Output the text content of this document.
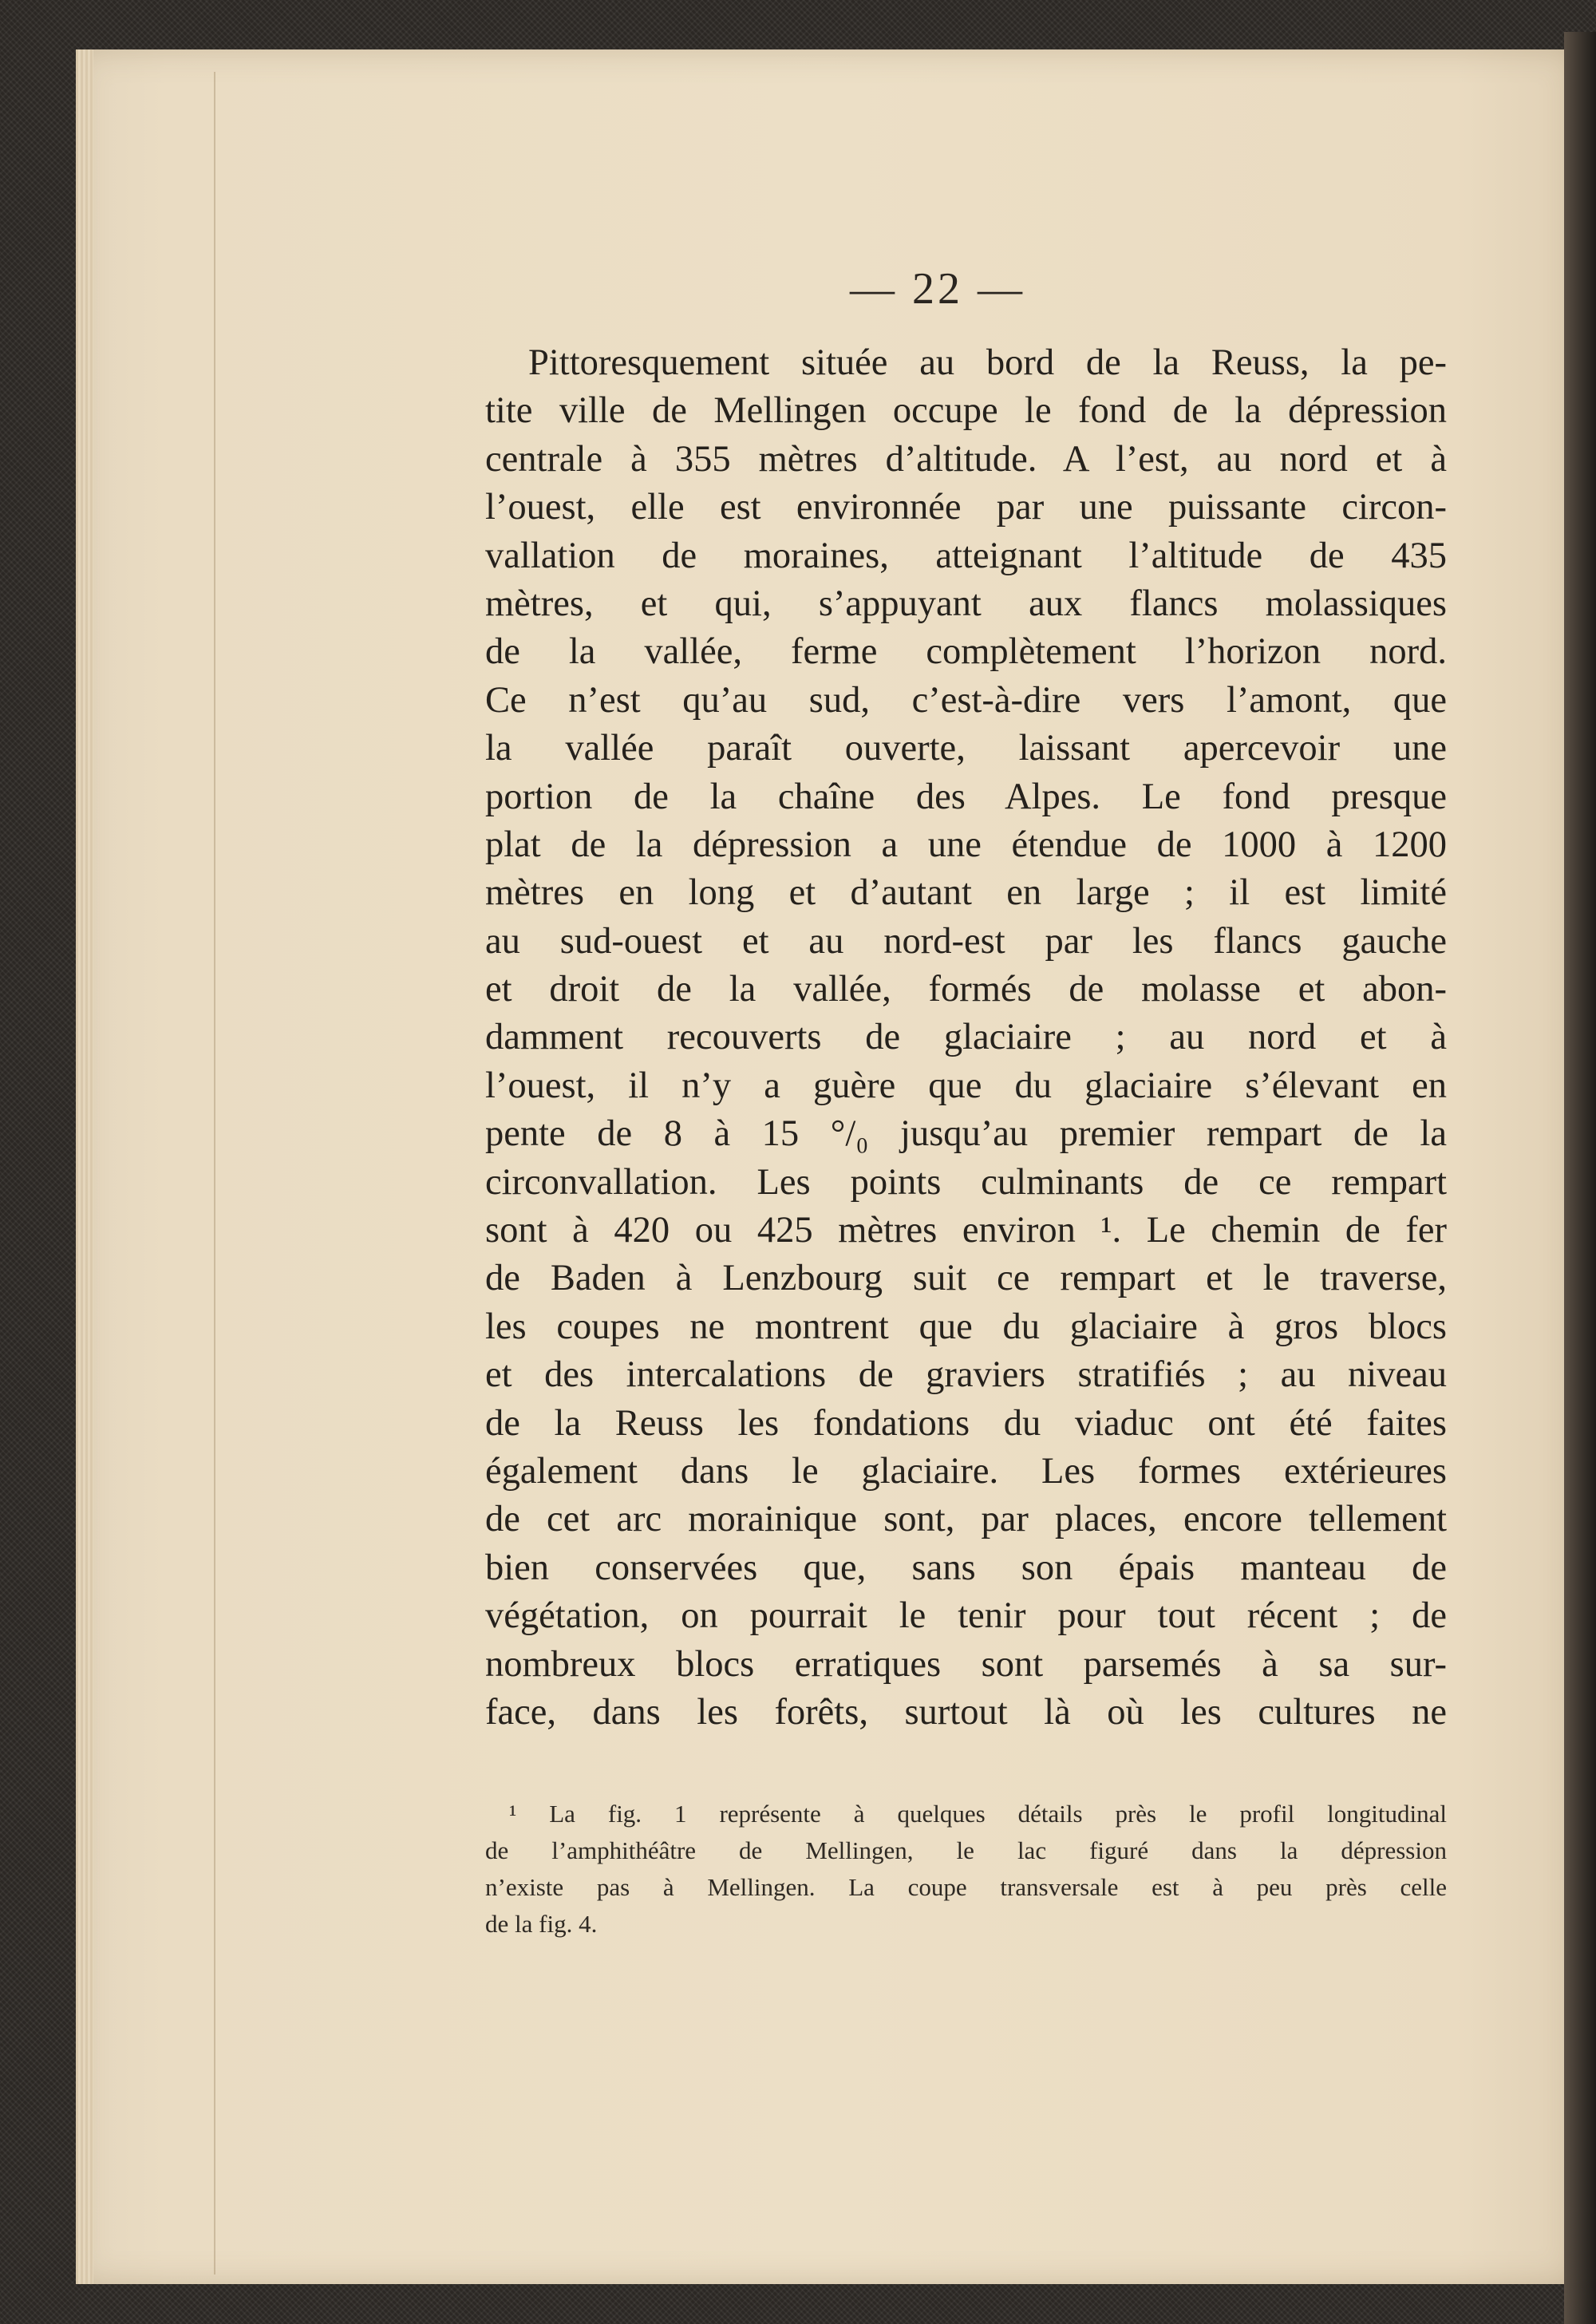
— 22 —
Pittoresquement située au bord de la Reuss, la pe-
tite ville de Mellingen occupe le fond de la dépression
centrale à 355 mètres d’altitude. A l’est, au nord et à
l’ouest, elle est environnée par une puissante circon-
vallation de moraines, atteignant l’altitude de 435
mètres, et qui, s’appuyant aux flancs molassiques
de la vallée, ferme complètement l’horizon nord.
Ce n’est qu’au sud, c’est-à-dire vers l’amont, que
la vallée paraît ouverte, laissant apercevoir une
portion de la chaîne des Alpes. Le fond presque
plat de la dépression a une étendue de 1000 à 1200
mètres en long et d’autant en large ; il est limité
au sud-ouest et au nord-est par les flancs gauche
et droit de la vallée, formés de molasse et abon-
damment recouverts de glaciaire ; au nord et à
l’ouest, il n’y a guère que du glaciaire s’élevant en
pente de 8 à 15 °/₀ jusqu’au premier rempart de la
circonvallation. Les points culminants de ce rempart
sont à 420 ou 425 mètres environ ¹. Le chemin de fer
de Baden à Lenzbourg suit ce rempart et le traverse,
les coupes ne montrent que du glaciaire à gros blocs
et des intercalations de graviers stratifiés ; au niveau
de la Reuss les fondations du viaduc ont été faites
également dans le glaciaire. Les formes extérieures
de cet arc morainique sont, par places, encore tellement
bien conservées que, sans son épais manteau de
végétation, on pourrait le tenir pour tout récent ; de
nombreux blocs erratiques sont parsemés à sa sur-
face, dans les forêts, surtout là où les cultures ne
¹ La fig. 1 représente à quelques détails près le profil longitudinal
de l’amphithéâtre de Mellingen, le lac figuré dans la dépression
n’existe pas à Mellingen. La coupe transversale est à peu près celle
de la fig. 4.
